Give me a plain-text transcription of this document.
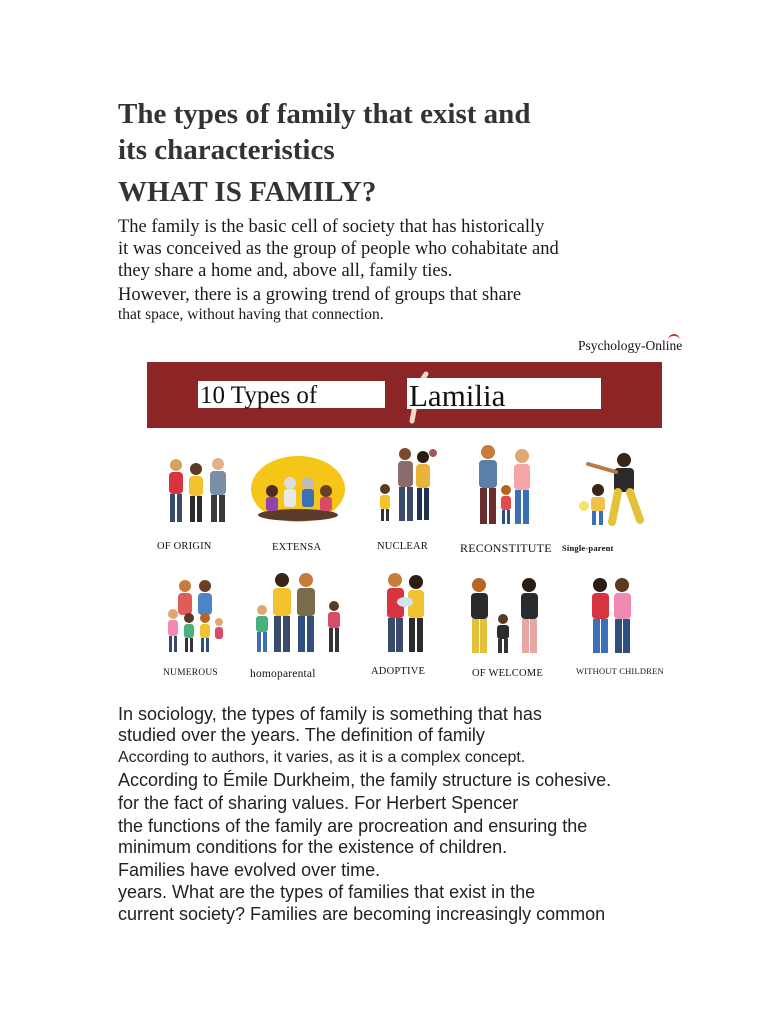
The types of family that exist and
its characteristics
WHAT IS FAMILY?
The family is the basic cell of society that has historically
it was conceived as the group of people who cohabitate and
they share a home and, above all, family ties.
However, there is a growing trend of groups that share
that space, without having that connection.
Psychology-Online
10 Types of	Lamilia
OF ORIGIN	EXTENSA	NUCLEAR	RECONSTITUTE Single-parent
NUMEROUS	homoparental	ADOPTIVE	OF WELCOME	WITHOUT CHILDREN
In sociology, the types of family is something that has
studied over the years. The definition of family
According to authors, it varies, as it is a complex concept.
According to Émile Durkheim, the family structure is cohesive.
for the fact of sharing values. For Herbert Spencer
the functions of the family are procreation and ensuring the
minimum conditions for the existence of children.
Families have evolved over time.
years. What are the types of families that exist in the
current society? Families are becoming increasingly common
